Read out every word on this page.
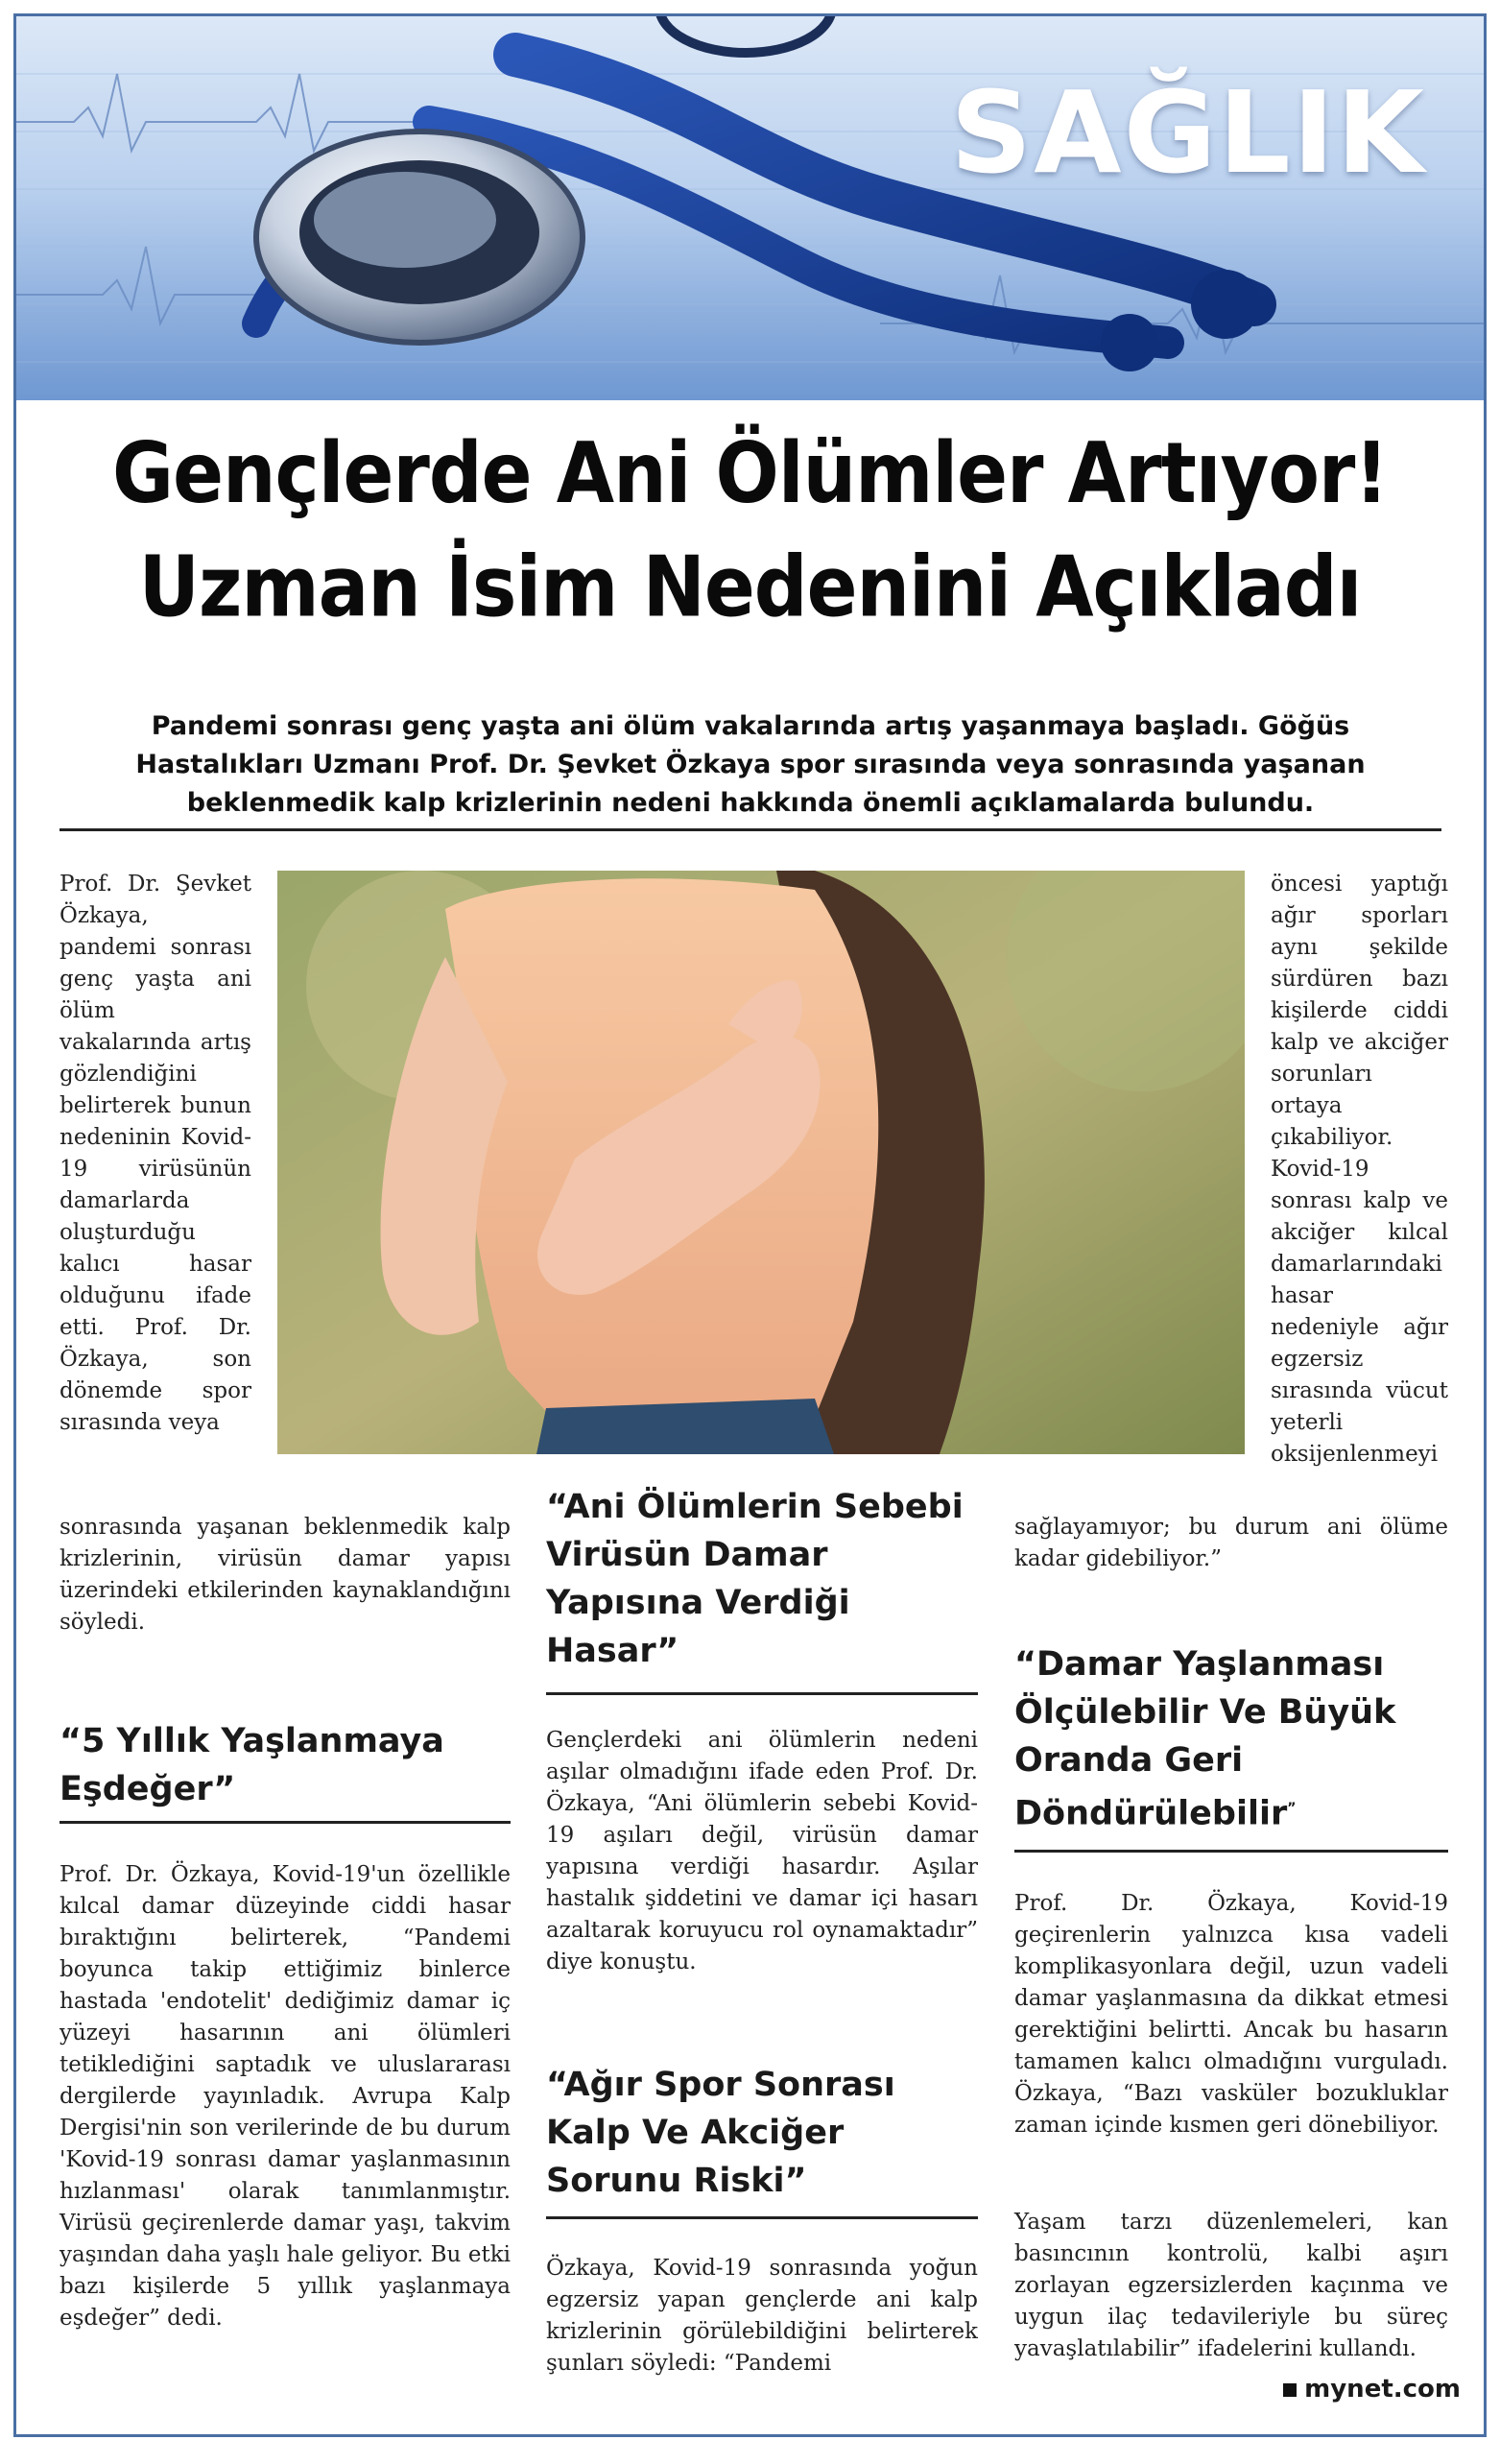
SAĞLIK
Gençlerde Ani Ölümler Artıyor!
Uzman İsim Nedenini Açıkladı
Pandemi sonrası genç yaşta ani ölüm vakalarında artış yaşanmaya başladı. Göğüs Hastalıkları Uzmanı Prof. Dr. Şevket Özkaya spor sırasında veya sonrasında yaşanan beklenmedik kalp krizlerinin nedeni hakkında önemli açıklamalarda bulundu.
Prof. Dr. Şevket Özkaya, pandemi sonrası genç yaşta ani ölüm vakalarında artış gözlendiğini belirterek bunun nedeninin Kovid-19 virüsünün damarlarda oluşturduğu kalıcı hasar olduğunu ifade etti. Prof. Dr. Özkaya, son dönemde spor sırasında veya
sonrasında yaşanan beklenmedik kalp krizlerinin, virüsün damar yapısı üzerindeki etkilerinden kaynaklandığını söyledi.
“5 Yıllık Yaşlanmaya Eşdeğer”
Prof. Dr. Özkaya, Kovid-19'un özellikle kılcal damar düzeyinde ciddi hasar bıraktığını belirterek, “Pandemi boyunca takip ettiğimiz binlerce hastada 'endotelit' dediğimiz damar iç yüzeyi hasarının ani ölümleri tetiklediğini saptadık ve uluslararası dergilerde yayınladık. Avrupa Kalp Dergisi'nin son verilerinde de bu durum 'Kovid-19 sonrası damar yaşlanmasının hızlanması' olarak tanımlanmıştır. Virüsü geçirenlerde damar yaşı, takvim yaşından daha yaşlı hale geliyor. Bu etki bazı kişilerde 5 yıllık yaşlanmaya eşdeğer” dedi.
“Ani Ölümlerin Sebebi Virüsün Damar Yapısına Verdiği Hasar”
Gençlerdeki ani ölümlerin nedeni aşılar olmadığını ifade eden Prof. Dr. Özkaya, “Ani ölümlerin sebebi Kovid-19 aşıları değil, virüsün damar yapısına verdiği hasardır. Aşılar hastalık şiddetini ve damar içi hasarı azaltarak koruyucu rol oynamaktadır” diye konuştu.
“Ağır Spor Sonrası Kalp Ve Akciğer Sorunu Riski”
Özkaya, Kovid-19 sonrasında yoğun egzersiz yapan gençlerde ani kalp krizlerinin görülebildiğini belirterek şunları söyledi: “Pandemi
öncesi yaptığı ağır sporları aynı şekilde sürdüren bazı kişilerde ciddi kalp ve akciğer sorunları ortaya çıkabiliyor. Kovid-19 sonrası kalp ve akciğer kılcal damarlarındaki hasar nedeniyle ağır egzersiz sırasında vücut yeterli oksijenlenmeyi
sağlayamıyor; bu durum ani ölüme kadar gidebiliyor.”
“Damar Yaşlanması Ölçülebilir Ve Büyük Oranda Geri Döndürülebilir”
Prof. Dr. Özkaya, Kovid-19 geçirenlerin yalnızca kısa vadeli komplikasyonlara değil, uzun vadeli damar yaşlanmasına da dikkat etmesi gerektiğini belirtti. Ancak bu hasarın tamamen kalıcı olmadığını vurguladı. Özkaya, “Bazı vasküler bozukluklar zaman içinde kısmen geri dönebiliyor.
Yaşam tarzı düzenlemeleri, kan basıncının kontrolü, kalbi aşırı zorlayan egzersizlerden kaçınma ve uygun ilaç tedavileriyle bu süreç yavaşlatılabilir” ifadelerini kullandı.
mynet.com
